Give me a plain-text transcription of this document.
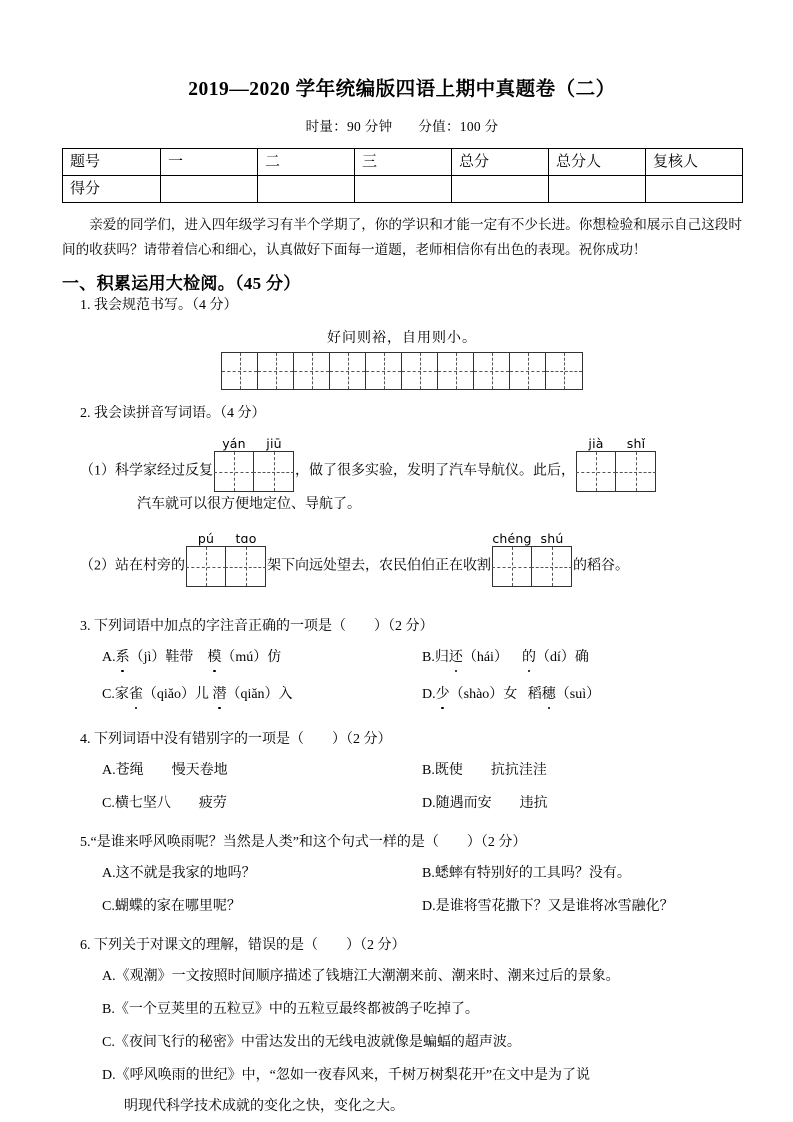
2019—2020 学年统编版四语上期中真题卷（二）
时量：90 分钟 分值：100 分
题号	一	二	三	总分	总分人	复核人
得分						
亲爱的同学们，进入四年级学习有半个学期了，你的学识和才能一定有不少长进。你想检验和展示自己这段时间的收获吗？请带着信心和细心，认真做好下面每一道题，老师相信你有出色的表现。祝你成功！
一、积累运用大检阅。（45 分）
1. 我会规范书写。（4 分）
好问则裕，自用则小。
2. 我会读拼音写词语。（4 分）
（1）科学家经过反复
yán jiū
，做了很多实验，发明了汽车导航仪。此后，
jià shǐ
汽车就可以很方便地定位、导航了。
（2）站在村旁的
pú tɑo
架下向远处望去，农民伯伯正在收割
chéng shú
的稻谷。
3. 下列词语中加点的字注音正确的一项是（　　）（2 分）
A.系（jì）鞋带 模（mú）仿	B.归还（hái） 的（dí）确
C.家雀（qiǎo）儿 潜（qiǎn）入	D.少（shào）女 稻穗（suì）
4. 下列词语中没有错别字的一项是（　　）（2 分）
A.苍绳　　慢天卷地	B.既使　　抗抗洼洼
C.横七坚八　　疲劳	D.随遇而安　　违抗
5.“是谁来呼风唤雨呢？当然是人类”和这个句式一样的是（　　）（2 分）
A.这不就是我家的地吗？	B.蟋蟀有特别好的工具吗？没有。
C.蝴蝶的家在哪里呢？	D.是谁将雪花撒下？又是谁将冰雪融化？
6. 下列关于对课文的理解，错误的是（　　）（2 分）
A.《观潮》一文按照时间顺序描述了钱塘江大潮潮来前、潮来时、潮来过后的景象。
B.《一个豆荚里的五粒豆》中的五粒豆最终都被鸽子吃掉了。
C.《夜间飞行的秘密》中雷达发出的无线电波就像是蝙蝠的超声波。
D.《呼风唤雨的世纪》中，“忽如一夜春风来，千树万树梨花开”在文中是为了说
明现代科学技术成就的变化之快，变化之大。
